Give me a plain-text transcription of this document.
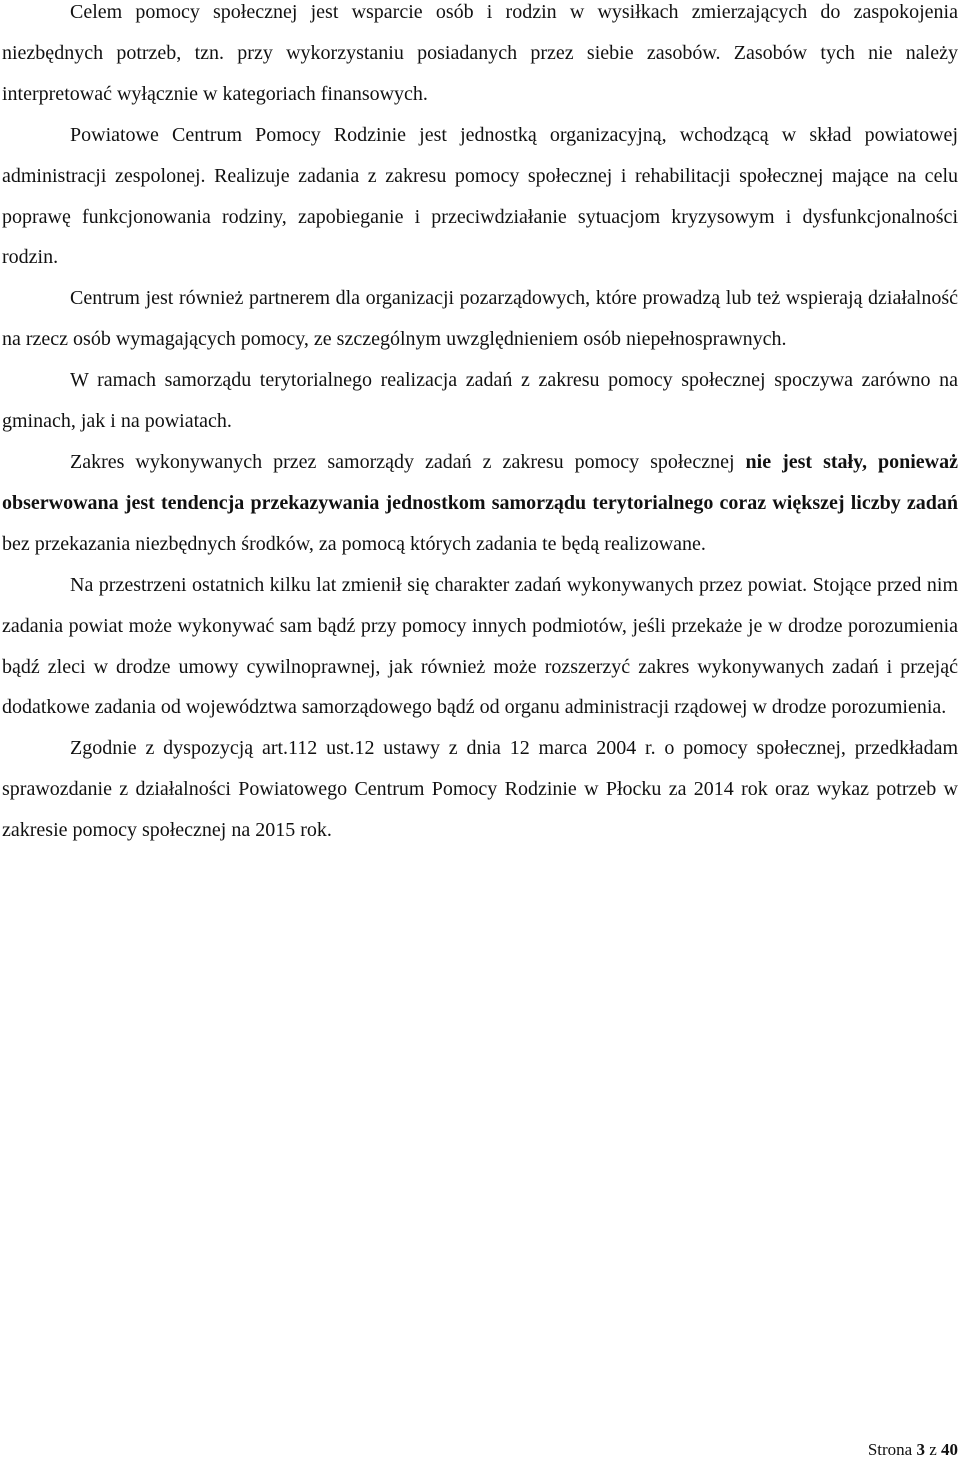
Celem pomocy społecznej jest wsparcie osób i rodzin w wysiłkach zmierzających do zaspokojenia niezbędnych potrzeb, tzn. przy wykorzystaniu posiadanych przez siebie zasobów. Zasobów tych nie należy interpretować wyłącznie w kategoriach finansowych.

Powiatowe Centrum Pomocy Rodzinie jest jednostką organizacyjną, wchodzącą w skład powiatowej administracji zespolonej. Realizuje zadania z zakresu pomocy społecznej i rehabilitacji społecznej mające na celu poprawę funkcjonowania rodziny, zapobieganie i przeciwdziałanie sytuacjom kryzysowym i dysfunkcjonalności rodzin.

Centrum jest również partnerem dla organizacji pozarządowych, które prowadzą lub też wspierają działalność na rzecz osób wymagających pomocy, ze szczególnym uwzględnieniem osób niepełnosprawnych.

W ramach samorządu terytorialnego realizacja zadań z zakresu pomocy społecznej spoczywa zarówno na gminach, jak i na powiatach.

Zakres wykonywanych przez samorządy zadań z zakresu pomocy społecznej nie jest stały, ponieważ obserwowana jest tendencja przekazywania jednostkom samorządu terytorialnego coraz większej liczby zadań bez przekazania niezbędnych środków, za pomocą których zadania te będą realizowane.

Na przestrzeni ostatnich kilku lat zmienił się charakter zadań wykonywanych przez powiat. Stojące przed nim zadania powiat może wykonywać sam bądź przy pomocy innych podmiotów, jeśli przekaże je w drodze porozumienia bądź zleci w drodze umowy cywilnoprawnej, jak również może rozszerzyć zakres wykonywanych zadań i przejąć dodatkowe zadania od województwa samorządowego bądź od organu administracji rządowej w drodze porozumienia.

Zgodnie z dyspozycją art.112 ust.12 ustawy z dnia 12 marca 2004 r. o pomocy społecznej, przedkładam sprawozdanie z działalności Powiatowego Centrum Pomocy Rodzinie w Płocku za 2014 rok oraz wykaz potrzeb w zakresie pomocy społecznej na 2015 rok.

Strona 3 z 40
